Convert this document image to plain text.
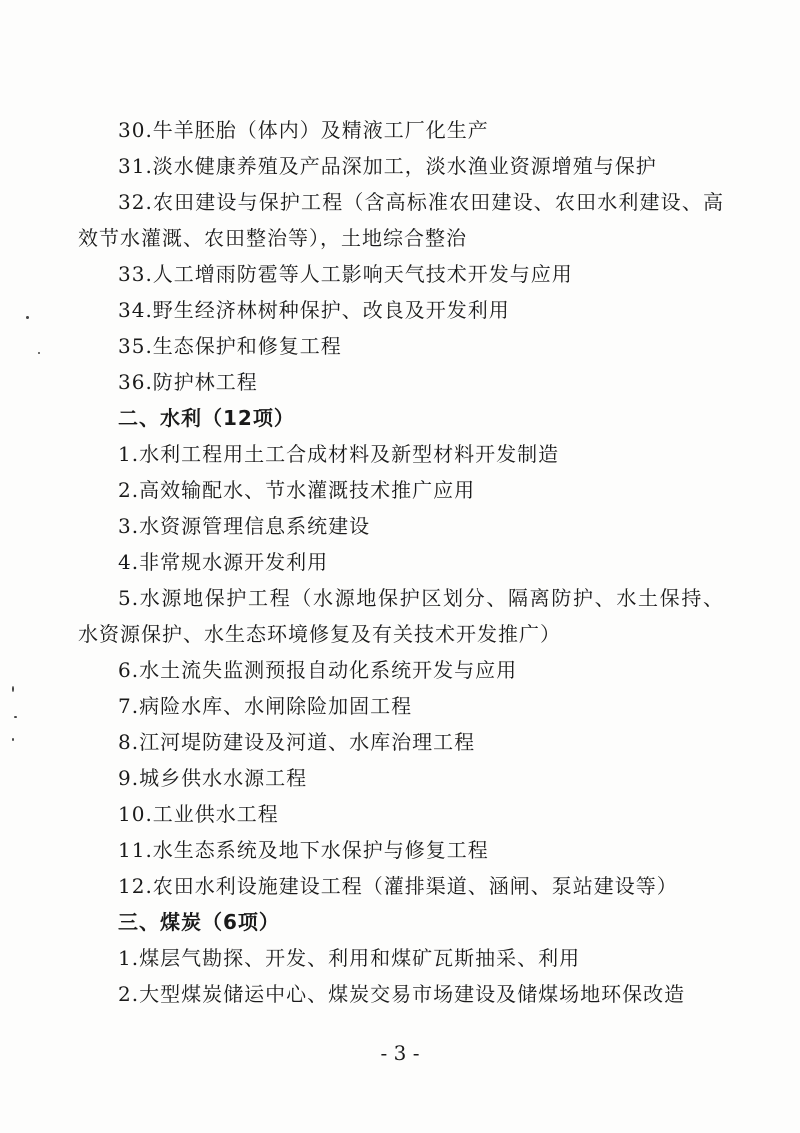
30.牛羊胚胎（体内）及精液工厂化生产
31.淡水健康养殖及产品深加工，淡水渔业资源增殖与保护
32.农田建设与保护工程（含高标准农田建设、农田水利建设、高效节水灌溉、农田整治等），土地综合整治
33.人工增雨防雹等人工影响天气技术开发与应用
34.野生经济林树种保护、改良及开发利用
35.生态保护和修复工程
36.防护林工程
二、水利（12项）
1.水利工程用土工合成材料及新型材料开发制造
2.高效输配水、节水灌溉技术推广应用
3.水资源管理信息系统建设
4.非常规水源开发利用
5.水源地保护工程（水源地保护区划分、隔离防护、水土保持、水资源保护、水生态环境修复及有关技术开发推广）
6.水土流失监测预报自动化系统开发与应用
7.病险水库、水闸除险加固工程
8.江河堤防建设及河道、水库治理工程
9.城乡供水水源工程
10.工业供水工程
11.水生态系统及地下水保护与修复工程
12.农田水利设施建设工程（灌排渠道、涵闸、泵站建设等）
三、煤炭（6项）
1.煤层气勘探、开发、利用和煤矿瓦斯抽采、利用
2.大型煤炭储运中心、煤炭交易市场建设及储煤场地环保改造
- 3 -
